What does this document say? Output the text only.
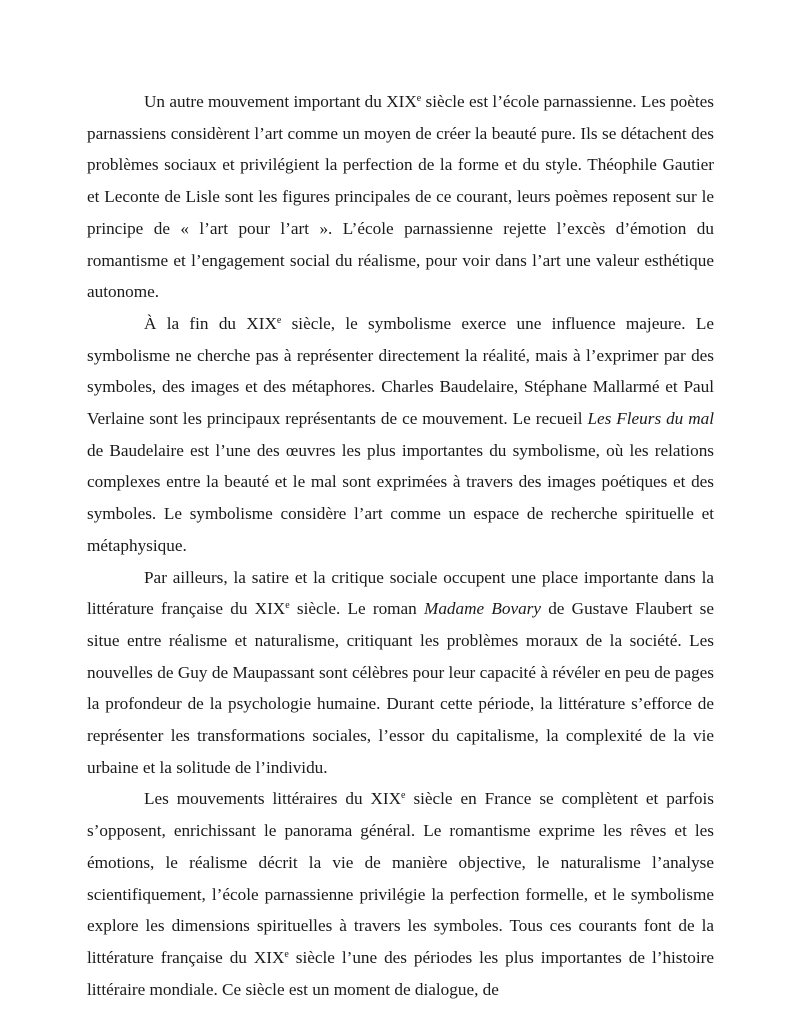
Un autre mouvement important du XIXe siècle est l’école parnassienne. Les poètes parnassiens considèrent l’art comme un moyen de créer la beauté pure. Ils se détachent des problèmes sociaux et privilégient la perfection de la forme et du style. Théophile Gautier et Leconte de Lisle sont les figures principales de ce courant, leurs poèmes reposent sur le principe de « l’art pour l’art ». L’école parnassienne rejette l’excès d’émotion du romantisme et l’engagement social du réalisme, pour voir dans l’art une valeur esthétique autonome.

À la fin du XIXe siècle, le symbolisme exerce une influence majeure. Le symbolisme ne cherche pas à représenter directement la réalité, mais à l’exprimer par des symboles, des images et des métaphores. Charles Baudelaire, Stéphane Mallarmé et Paul Verlaine sont les principaux représentants de ce mouvement. Le recueil Les Fleurs du mal de Baudelaire est l’une des œuvres les plus importantes du symbolisme, où les relations complexes entre la beauté et le mal sont exprimées à travers des images poétiques et des symboles. Le symbolisme considère l’art comme un espace de recherche spirituelle et métaphysique.

Par ailleurs, la satire et la critique sociale occupent une place importante dans la littérature française du XIXe siècle. Le roman Madame Bovary de Gustave Flaubert se situe entre réalisme et naturalisme, critiquant les problèmes moraux de la société. Les nouvelles de Guy de Maupassant sont célèbres pour leur capacité à révéler en peu de pages la profondeur de la psychologie humaine. Durant cette période, la littérature s’efforce de représenter les transformations sociales, l’essor du capitalisme, la complexité de la vie urbaine et la solitude de l’individu.

Les mouvements littéraires du XIXe siècle en France se complètent et parfois s’opposent, enrichissant le panorama général. Le romantisme exprime les rêves et les émotions, le réalisme décrit la vie de manière objective, le naturalisme l’analyse scientifiquement, l’école parnassienne privilégie la perfection formelle, et le symbolisme explore les dimensions spirituelles à travers les symboles. Tous ces courants font de la littérature française du XIXe siècle l’une des périodes les plus importantes de l’histoire littéraire mondiale. Ce siècle est un moment de dialogue, de
